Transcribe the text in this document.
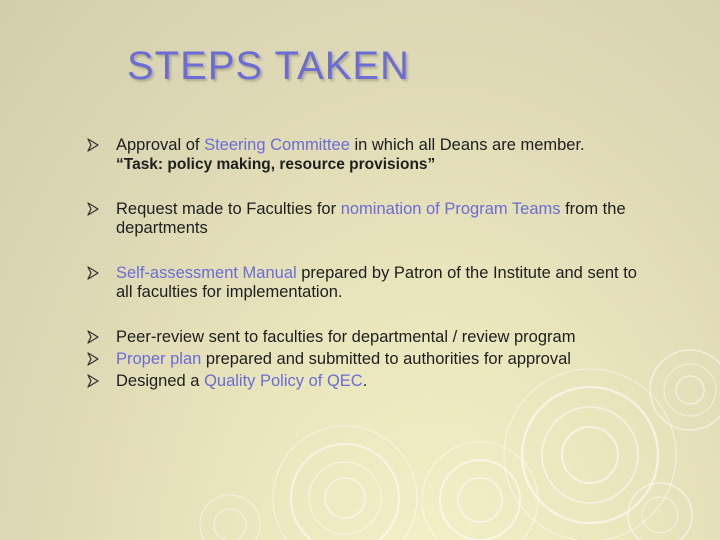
STEPS TAKEN
Approval of Steering Committee in which all Deans are member.
“Task: policy making, resource provisions”
Request made to Faculties for nomination of Program Teams from the
departments
Self-assessment Manual prepared by Patron of the Institute and sent to
all faculties for implementation.
Peer-review sent to faculties for departmental / review program
Proper plan prepared and submitted to authorities for approval
Designed a Quality Policy of QEC.
